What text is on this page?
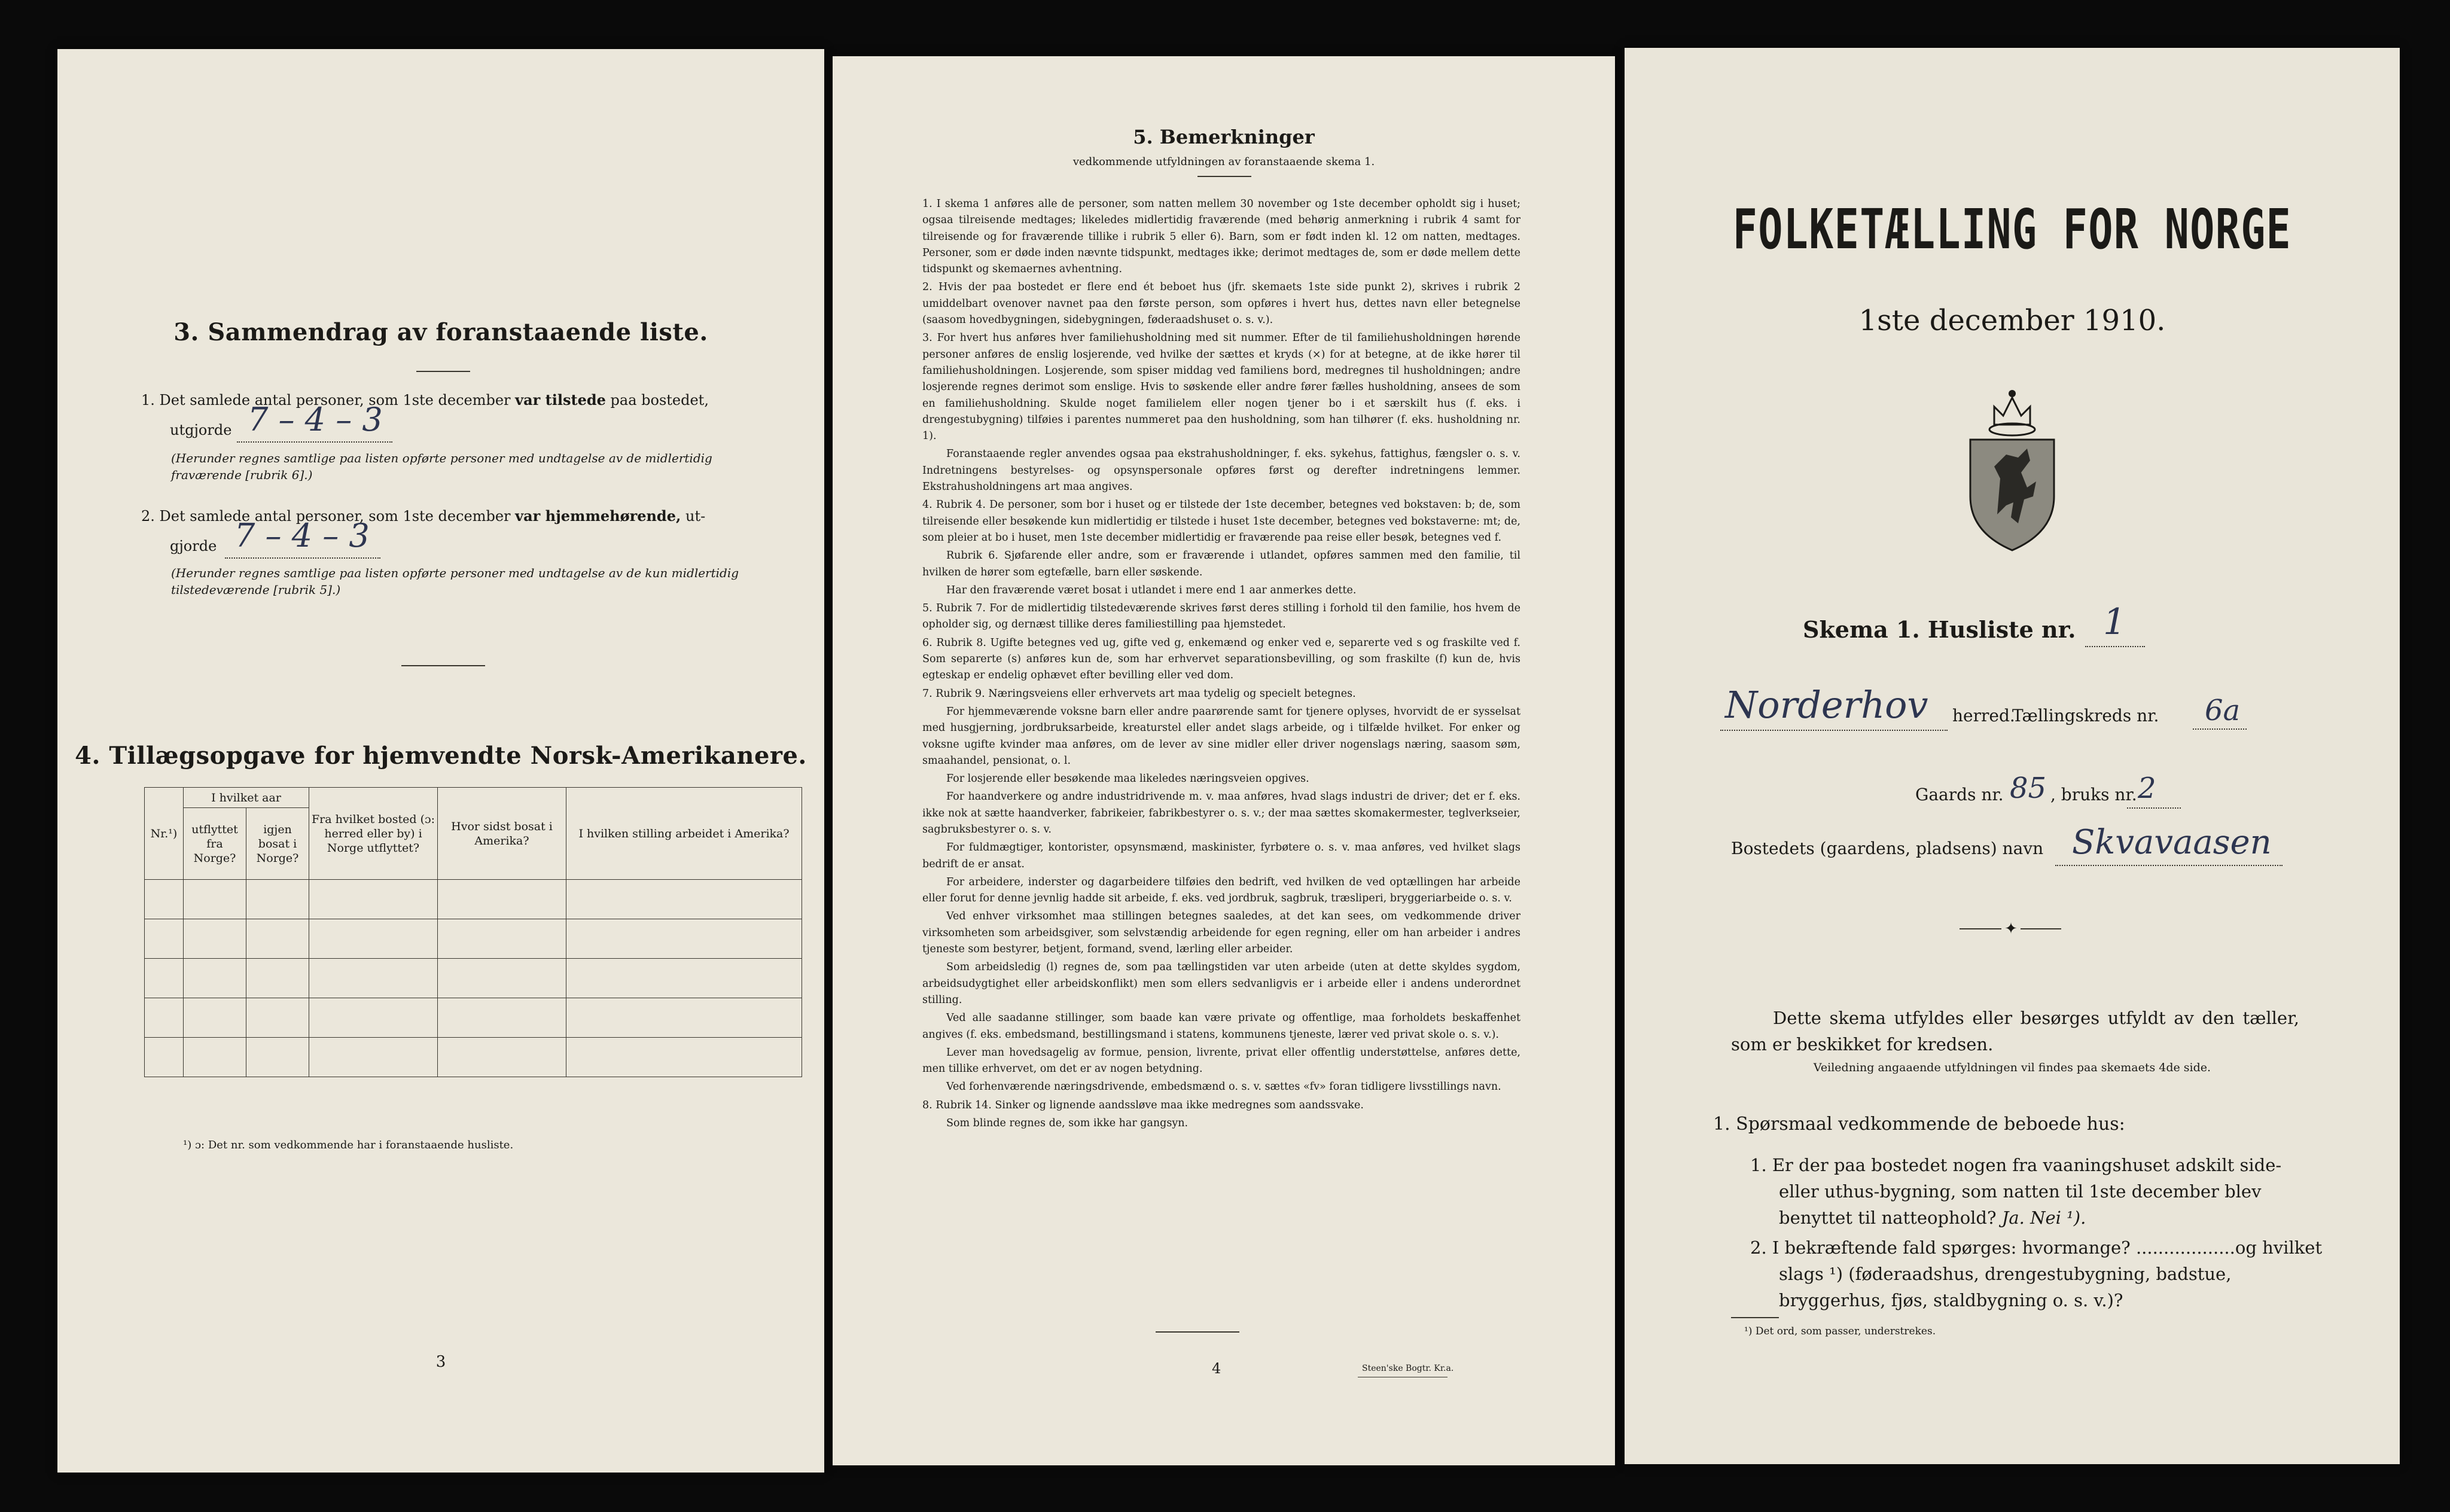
3. Sammendrag av foranstaaende liste.
1. Det samlede antal personer, som 1ste december var tilstede paa bostedet,
utgjorde 7 – 4 – 3
(Herunder regnes samtlige paa listen opførte personer med undtagelse av de midlertidig fraværende [rubrik 6].)
2. Det samlede antal personer, som 1ste december var hjemmehørende, ut-
gjorde 7 – 4 – 3
(Herunder regnes samtlige paa listen opførte personer med undtagelse av de kun midlertidig tilstedeværende [rubrik 5].)
4. Tillægsopgave for hjemvendte Norsk-Amerikanere.
Nr.¹)	I hvilket aar		Fra hvilket bosted (ɔ: herred eller by) i Norge utflyttet?	Hvor sidst bosat i Amerika?	I hvilken stilling arbeidet i Amerika?
	utflyttet fra Norge?	igjen bosat i Norge?			

¹) ɔ: Det nr. som vedkommende har i foranstaaende husliste.
3
5. Bemerkninger
vedkommende utfyldningen av foranstaaende skema 1.

1. I skema 1 anføres alle de personer, som natten mellem 30 november og 1ste december opholdt sig i huset; ogsaa tilreisende medtages; likeledes midlertidig fraværende (med behørig anmerkning i rubrik 4 samt for tilreisende og for fraværende tillike i rubrik 5 eller 6). Barn, som er født inden kl. 12 om natten, medtages. Personer, som er døde inden nævnte tidspunkt, medtages ikke; derimot medtages de, som er døde mellem dette tidspunkt og skemaernes avhentning.

2. Hvis der paa bostedet er flere end ét beboet hus (jfr. skemaets 1ste side punkt 2), skrives i rubrik 2 umiddelbart ovenover navnet paa den første person, som opføres i hvert hus, dettes navn eller betegnelse (saasom hovedbygningen, sidebygningen, føderaadshuset o. s. v.).

3. For hvert hus anføres hver familiehusholdning med sit nummer. Efter de til familiehusholdningen hørende personer anføres de enslig losjerende, ved hvilke der sættes et kryds (×) for at betegne, at de ikke hører til familiehusholdningen. Losjerende, som spiser middag ved familiens bord, medregnes til husholdningen; andre losjerende regnes derimot som enslige. Hvis to søskende eller andre fører fælles husholdning, ansees de som en familiehusholdning. Skulde noget familielem eller nogen tjener bo i et særskilt hus (f. eks. i drengestubygning) tilføies i parentes nummeret paa den husholdning, som han tilhører (f. eks. husholdning nr. 1).

Foranstaaende regler anvendes ogsaa paa ekstrahusholdninger, f. eks. sykehus, fattighus, fængsler o. s. v. Indretningens bestyrelses- og opsynspersonale opføres først og derefter indretningens lemmer. Ekstrahusholdningens art maa angives.

4. Rubrik 4. De personer, som bor i huset og er tilstede der 1ste december, betegnes ved bokstaven: b; de, som tilreisende eller besøkende kun midlertidig er tilstede i huset 1ste december, betegnes ved bokstaverne: mt; de, som pleier at bo i huset, men 1ste december midlertidig er fraværende paa reise eller besøk, betegnes ved f.

Rubrik 6. Sjøfarende eller andre, som er fraværende i utlandet, opføres sammen med den familie, til hvilken de hører som egtefælle, barn eller søskende.

Har den fraværende været bosat i utlandet i mere end 1 aar anmerkes dette.

5. Rubrik 7. For de midlertidig tilstedeværende skrives først deres stilling i forhold til den familie, hos hvem de opholder sig, og dernæst tillike deres familiestilling paa hjemstedet.

6. Rubrik 8. Ugifte betegnes ved ug, gifte ved g, enkemænd og enker ved e, separerte ved s og fraskilte ved f. Som separerte (s) anføres kun de, som har erhvervet separationsbevilling, og som fraskilte (f) kun de, hvis egteskap er endelig ophævet efter bevilling eller ved dom.

7. Rubrik 9. Næringsveiens eller erhvervets art maa tydelig og specielt betegnes.

For hjemmeværende voksne barn eller andre paarørende samt for tjenere oplyses, hvorvidt de er sysselsat med husgjerning, jordbruksarbeide, kreaturstel eller andet slags arbeide, og i tilfælde hvilket. For enker og voksne ugifte kvinder maa anføres, om de lever av sine midler eller driver nogenslags næring, saasom søm, smaahandel, pensionat, o. l.

For losjerende eller besøkende maa likeledes næringsveien opgives.

For haandverkere og andre industridrivende m. v. maa anføres, hvad slags industri de driver; det er f. eks. ikke nok at sætte haandverker, fabrikeier, fabrikbestyrer o. s. v.; der maa sættes skomakermester, teglverkseier, sagbruksbestyrer o. s. v.

For fuldmægtiger, kontorister, opsynsmænd, maskinister, fyrbøtere o. s. v. maa anføres, ved hvilket slags bedrift de er ansat.

For arbeidere, inderster og dagarbeidere tilføies den bedrift, ved hvilken de ved optællingen har arbeide eller forut for denne jevnlig hadde sit arbeide, f. eks. ved jordbruk, sagbruk, træsliperi, bryggeriarbeide o. s. v.

Ved enhver virksomhet maa stillingen betegnes saaledes, at det kan sees, om vedkommende driver virksomheten som arbeidsgiver, som selvstændig arbeidende for egen regning, eller om han arbeider i andres tjeneste som bestyrer, betjent, formand, svend, lærling eller arbeider.

Som arbeidsledig (l) regnes de, som paa tællingstiden var uten arbeide (uten at dette skyldes sygdom, arbeidsudygtighet eller arbeidskonflikt) men som ellers sedvanligvis er i arbeide eller i andens underordnet stilling.

Ved alle saadanne stillinger, som baade kan være private og offentlige, maa forholdets beskaffenhet angives (f. eks. embedsmand, bestillingsmand i statens, kommunens tjeneste, lærer ved privat skole o. s. v.).

Lever man hovedsagelig av formue, pension, livrente, privat eller offentlig understøttelse, anføres dette, men tillike erhvervet, om det er av nogen betydning.

Ved forhenværende næringsdrivende, embedsmænd o. s. v. sættes «fv» foran tidligere livsstillings navn.

8. Rubrik 14. Sinker og lignende aandssløve maa ikke medregnes som aandssvake.

Som blinde regnes de, som ikke har gangsyn.

4	Steen'ske Bogtr. Kr.a.
FOLKETÆLLING FOR NORGE
1ste december 1910.
Skema 1. Husliste nr. 1
Norderhov herred.
Tællingskreds nr. 6a
Gaards nr. 85 , bruks nr. 2
Bostedets (gaardens, pladsens) navn Skvavaasen
✦
Dette skema utfyldes eller besørges utfyldt av den tæller, som er beskikket for kredsen.
Veiledning angaaende utfyldningen vil findes paa skemaets 4de side.
1. Spørsmaal vedkommende de beboede hus:
1. Er der paa bostedet nogen fra vaaningshuset adskilt side- eller uthus-bygning, som natten til 1ste december blev benyttet til natteophold? Ja. Nei ¹).
2. I bekræftende fald spørges: hvormange? ..................og hvilket slags ¹) (føderaadshus, drengestubygning, badstue, bryggerhus, fjøs, staldbygning o. s. v.)?
¹) Det ord, som passer, understrekes.
